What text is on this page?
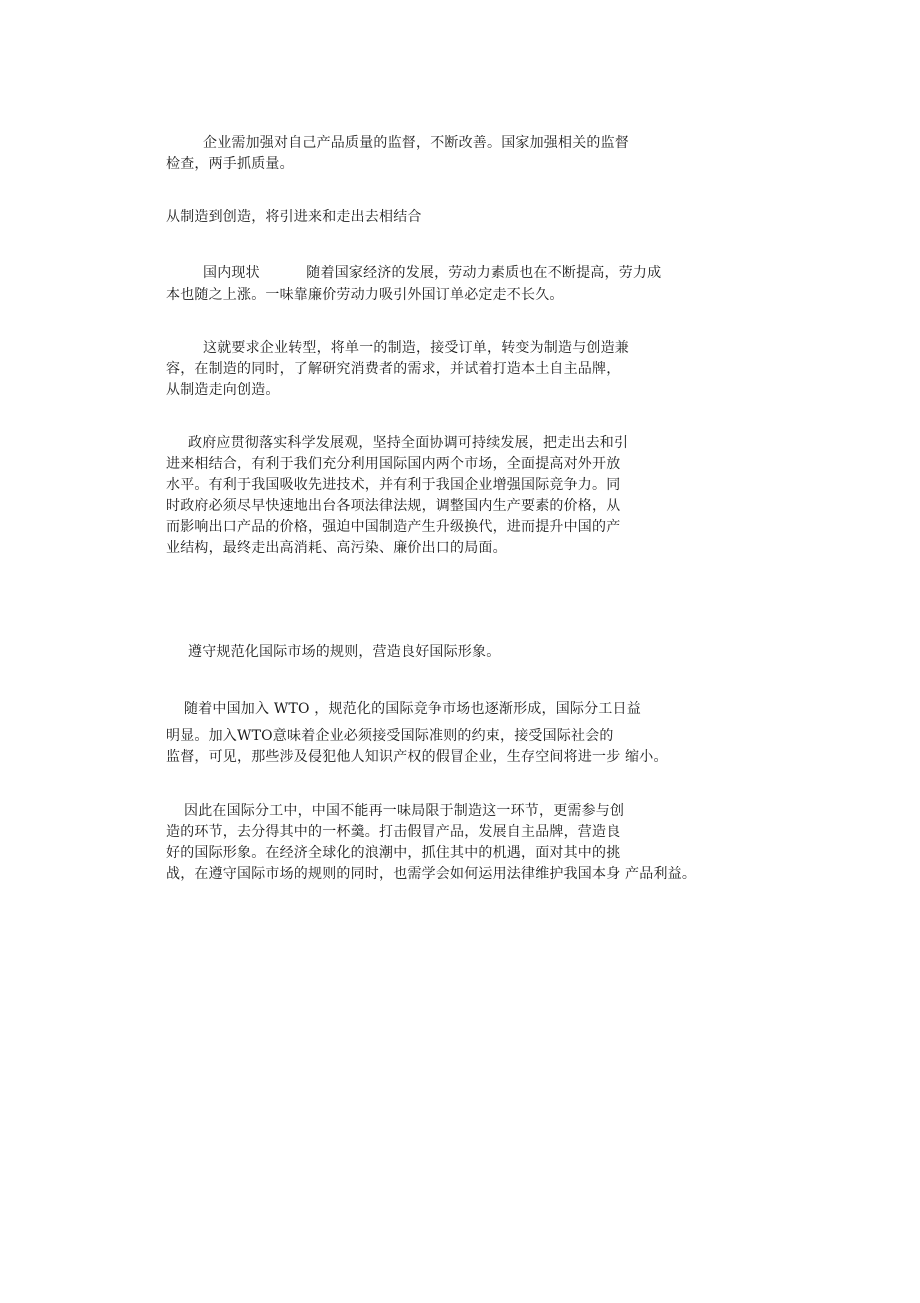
企业需加强对自己产品质量的监督，不断改善。国家加强相关的监督
检查，两手抓质量。
从制造到创造，将引进来和走出去相结合
国内现状          随着国家经济的发展，劳动力素质也在不断提高，劳力成
本也随之上涨。一味靠廉价劳动力吸引外国订单必定走不长久。
这就要求企业转型，将单一的制造，接受订单，转变为制造与创造兼
容，在制造的同时，了解研究消费者的需求，并试着打造本土自主品牌，
从制造走向创造。
政府应贯彻落实科学发展观，坚持全面协调可持续发展，把走出去和引
进来相结合，有利于我们充分利用国际国内两个市场，全面提高对外开放
水平。有利于我国吸收先进技术，并有利于我国企业增强国际竞争力。同
时政府必须尽早快速地出台各项法律法规，调整国内生产要素的价格，从
而影响出口产品的价格，强迫中国制造产生升级换代，进而提升中国的产
业结构，最终走出高消耗、高污染、廉价出口的局面。
遵守规范化国际市场的规则，营造良好国际形象。
随着中国加入 WTO ，规范化的国际竞争市场也逐渐形成，国际分工日益
明显。加入WTO意味着企业必须接受国际准则的约束，接受国际社会的
监督，可见，那些涉及侵犯他人知识产权的假冒企业，生存空间将进一步 缩小。
因此在国际分工中，中国不能再一味局限于制造这一环节，更需参与创
造的环节，去分得其中的一杯羹。打击假冒产品，发展自主品牌，营造良
好的国际形象。在经济全球化的浪潮中，抓住其中的机遇，面对其中的挑
战，在遵守国际市场的规则的同时，也需学会如何运用法律维护我国本身 产品利益。
